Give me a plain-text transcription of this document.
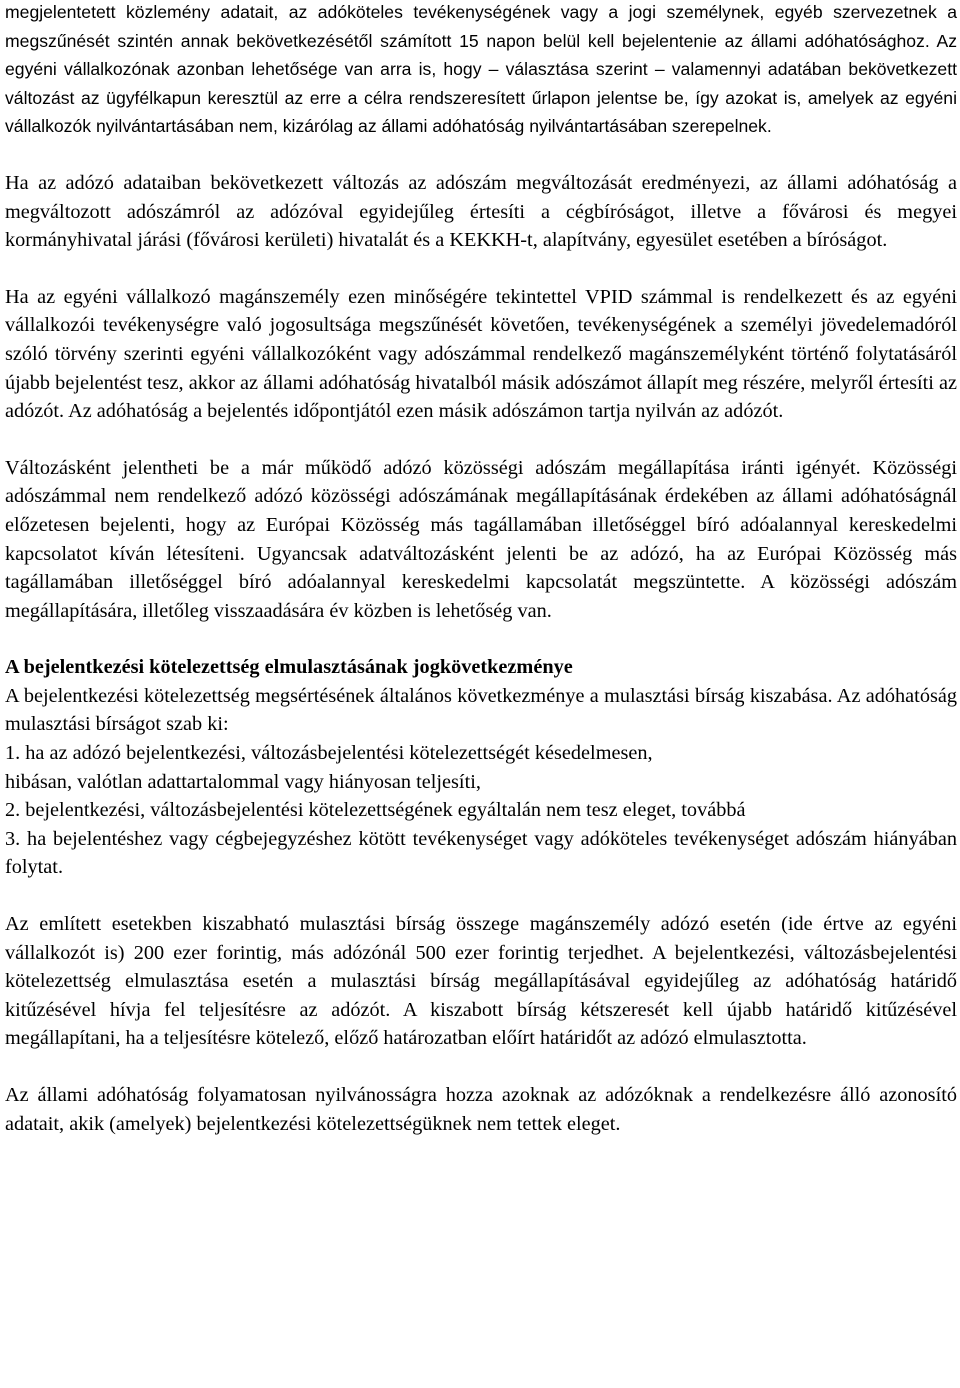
megjelentetett közlemény adatait, az adóköteles tevékenységének vagy a jogi személynek, egyéb szervezetnek a megszűnését szintén annak bekövetkezésétől számított 15 napon belül kell bejelentenie az állami adóhatósághoz. Az egyéni vállalkozónak azonban lehetősége van arra is, hogy – választása szerint – valamennyi adatában bekövetkezett változást az ügyfélkapun keresztül az erre a célra rendszeresített űrlapon jelentse be, így azokat is, amelyek az egyéni vállalkozók nyilvántartásában nem, kizárólag az állami adóhatóság nyilvántartásában szerepelnek.

Ha az adózó adataiban bekövetkezett változás az adószám megváltozását eredményezi, az állami adóhatóság a megváltozott adószámról az adózóval egyidejűleg értesíti a cégbíróságot, illetve a fővárosi és megyei kormányhivatal járási (fővárosi kerületi) hivatalát és a KEKKH-t, alapítvány, egyesület esetében a bíróságot.

Ha az egyéni vállalkozó magánszemély ezen minőségére tekintettel VPID számmal is rendelkezett és az egyéni vállalkozói tevékenységre való jogosultsága megszűnését követően, tevékenységének a személyi jövedelemadóról szóló törvény szerinti egyéni vállalkozóként vagy adószámmal rendelkező magánszemélyként történő folytatásáról újabb bejelentést tesz, akkor az állami adóhatóság hivatalból másik adószámot állapít meg részére, melyről értesíti az adózót. Az adóhatóság a bejelentés időpontjától ezen másik adószámon tartja nyilván az adózót.

Változásként jelentheti be a már működő adózó közösségi adószám megállapítása iránti igényét. Közösségi adószámmal nem rendelkező adózó közösségi adószámának megállapításának érdekében az állami adóhatóságnál előzetesen bejelenti, hogy az Európai Közösség más tagállamában illetőséggel bíró adóalannyal kereskedelmi kapcsolatot kíván létesíteni. Ugyancsak adatváltozásként jelenti be az adózó, ha az Európai Közösség más tagállamában illetőséggel bíró adóalannyal kereskedelmi kapcsolatát megszüntette. A közösségi adószám megállapítására, illetőleg visszaadására év közben is lehetőség van.

A bejelentkezési kötelezettség elmulasztásának jogkövetkezménye

A bejelentkezési kötelezettség megsértésének általános következménye a mulasztási bírság kiszabása. Az adóhatóság mulasztási bírságot szab ki:

1. ha az adózó bejelentkezési, változásbejelentési kötelezettségét késedelmesen,

hibásan, valótlan adattartalommal vagy hiányosan teljesíti,

2. bejelentkezési, változásbejelentési kötelezettségének egyáltalán nem tesz eleget, továbbá

3. ha bejelentéshez vagy cégbejegyzéshez kötött tevékenységet vagy adóköteles tevékenységet adószám hiányában folytat.

Az említett esetekben kiszabható mulasztási bírság összege magánszemély adózó esetén (ide értve az egyéni vállalkozót is) 200 ezer forintig, más adózónál 500 ezer forintig terjedhet. A bejelentkezési, változásbejelentési kötelezettség elmulasztása esetén a mulasztási bírság megállapításával egyidejűleg az adóhatóság határidő kitűzésével hívja fel teljesítésre az adózót. A kiszabott bírság kétszeresét kell újabb határidő kitűzésével megállapítani, ha a teljesítésre kötelező, előző határozatban előírt határidőt az adózó elmulasztotta.

Az állami adóhatóság folyamatosan nyilvánosságra hozza azoknak az adózóknak a rendelkezésre álló azonosító adatait, akik (amelyek) bejelentkezési kötelezettségüknek nem tettek eleget.
